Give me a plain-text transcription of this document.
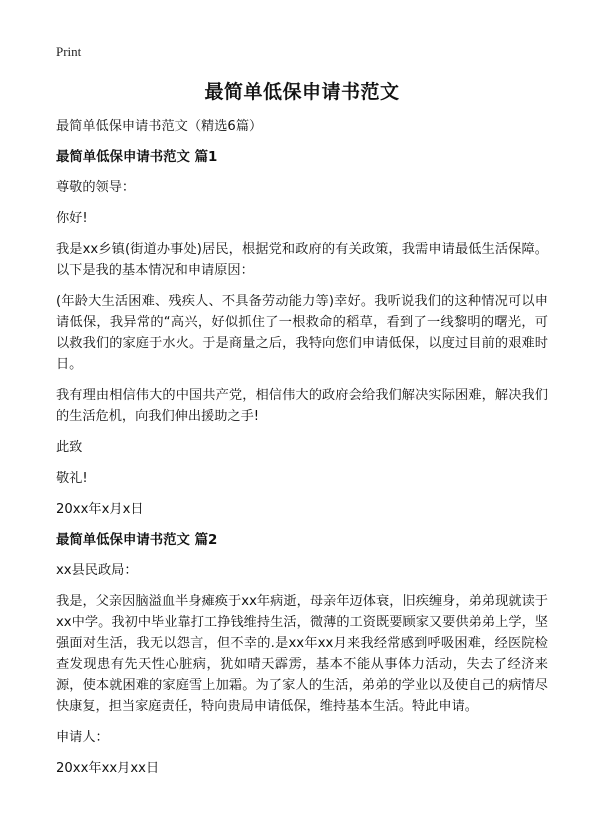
Print
最简单低保申请书范文
最简单低保申请书范文（精选6篇）
最简单低保申请书范文 篇1
尊敬的领导：
你好!
我是xx乡镇(街道办事处)居民，根据党和政府的有关政策，我需申请最低生活保障。以下是我的基本情况和申请原因：
(年龄大生活困难、残疾人、不具备劳动能力等)幸好。我听说我们的这种情况可以申请低保，我异常的“高兴，好似抓住了一根救命的稻草，看到了一线黎明的曙光，可以救我们的家庭于水火。于是商量之后，我特向您们申请低保，以度过目前的艰难时日。
我有理由相信伟大的中国共产党，相信伟大的政府会给我们解决实际困难，解决我们的生活危机，向我们伸出援助之手!
此致
敬礼!
20xx年x月x日
最简单低保申请书范文 篇2
xx县民政局：
我是，父亲因脑溢血半身瘫痪于xx年病逝，母亲年迈体衰，旧疾缠身，弟弟现就读于xx中学。我初中毕业靠打工挣钱维持生活，微薄的工资既要顾家又要供弟弟上学，坚强面对生活，我无以怨言，但不幸的.是xx年xx月来我经常感到呼吸困难，经医院检查发现患有先天性心脏病，犹如晴天霹雳，基本不能从事体力活动，失去了经济来源，使本就困难的家庭雪上加霜。为了家人的生活，弟弟的学业以及使自己的病情尽快康复，担当家庭责任，特向贵局申请低保，维持基本生活。特此申请。
申请人：
20xx年xx月xx日
